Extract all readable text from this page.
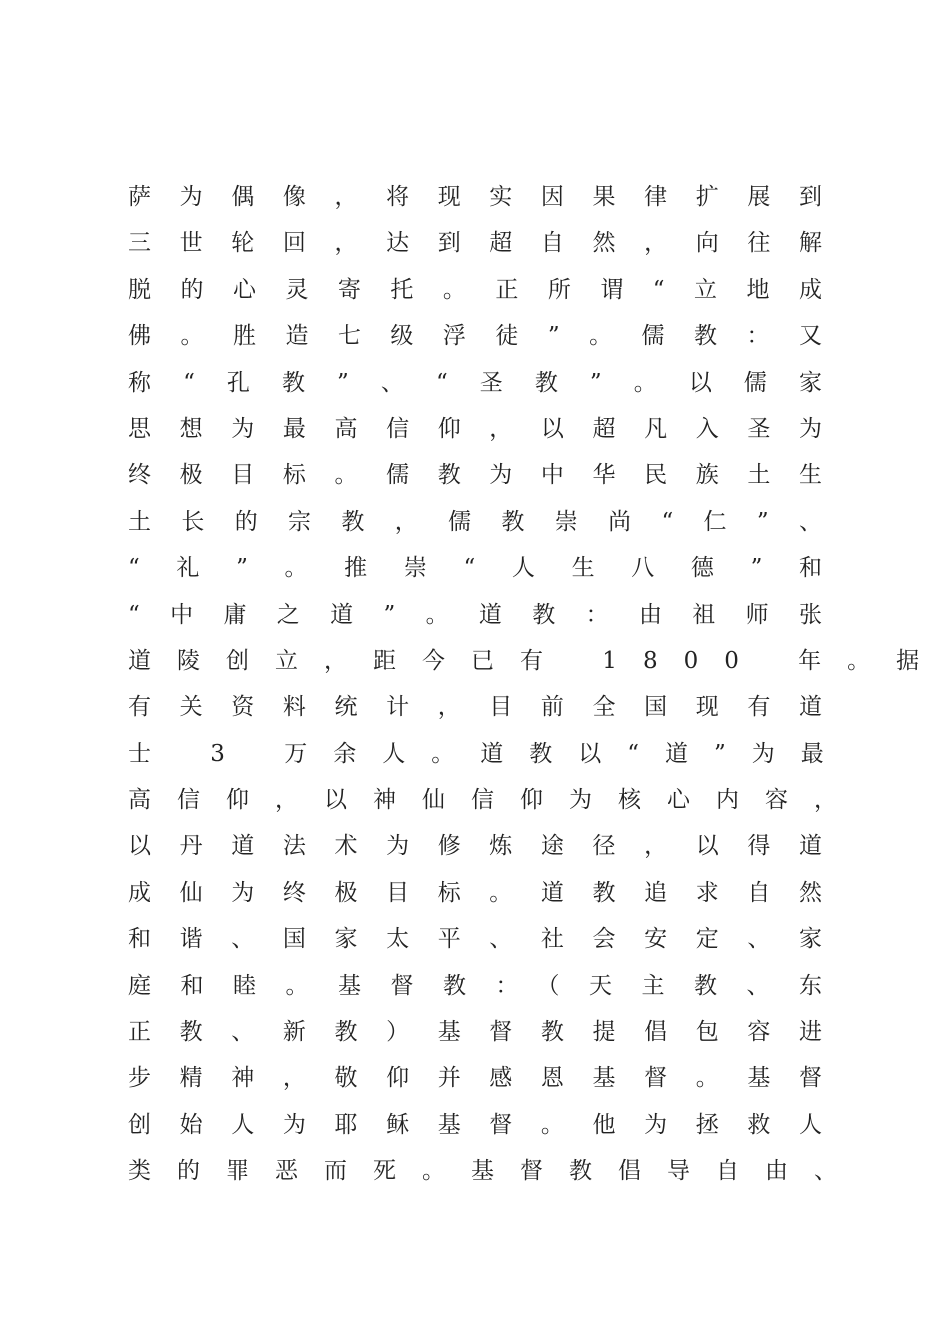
萨为偶像，将现实因果律扩展到
三世轮回，达到超自然，向往解
脱的心灵寄托。正所谓“立地成
佛。胜造七级浮徒”。儒教：又
称“孔教”、“圣教”。以儒家
思想为最高信仰，以超凡入圣为
终极目标。儒教为中华民族土生
土长的宗教，儒教崇尚“仁”、
“礼”。推崇“人生八德”和
“中庸之道”。道教：由祖师张
道陵创立，距今已有 1800 年。据
有关资料统计，目前全国现有道
士 3 万余人。道教以“道”为最
高信仰，以神仙信仰为核心内容，
以丹道法术为修炼途径，以得道
成仙为终极目标。道教追求自然
和谐、国家太平、社会安定、家
庭和睦。基督教：（天主教、东
正教、新教）基督教提倡包容进
步精神，敬仰并感恩基督。基督
创始人为耶稣基督。他为拯救人
类的罪恶而死。基督教倡导自由、
